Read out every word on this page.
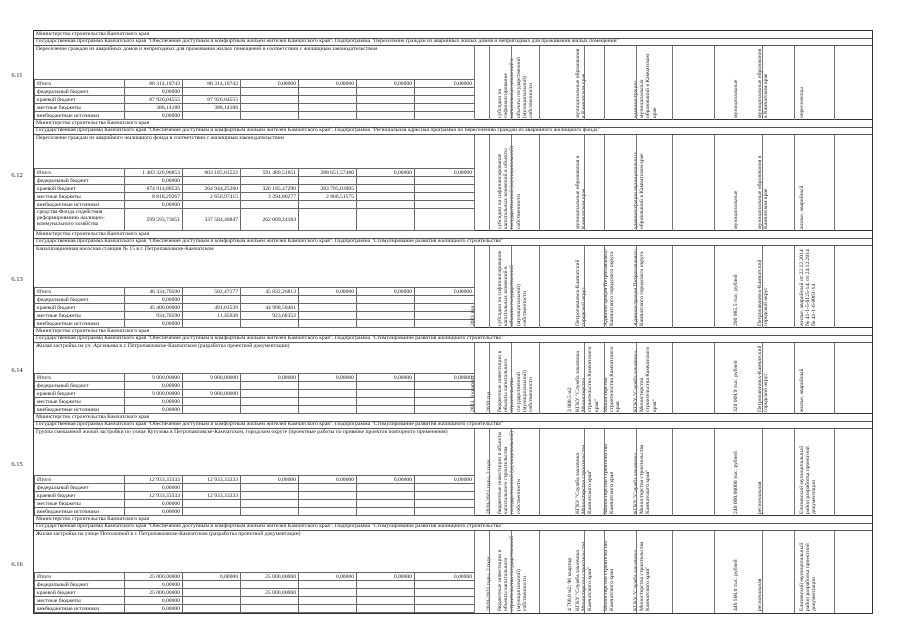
6.11
Министерство строительства Камчатского края
Государственная программа Камчатского края "Обеспечение доступным и комфортным жильем жителей Камчатского края". Подпрограмма "Переселение граждан из аварийных жилых домов и непригодных для проживания жилых помещений"
Переселение граждан из аварийных домов и непригодных для проживания жилых помещений в соответствии с жилищным законодательством
Итого	88 314,18743	88 314,18743	0,00000	0,00000	0,00000	0,00000
федеральный бюджет	0,00000					
краевой бюджет	87 926,04555	87 926,04555				
местные бюджеты	388,14188	388,14188				
внебюджетные источники	0,00000						субсидии на софинансирование капитальных вложений в объекты государственной (муниципальной) собственности	муниципальные образования в Камчатском крае	администрации муниципальных образований в Камчатском крае	муниципальные	муниципальные образования в Камчатском крае	переселенцы
6.12
Министерство строительства Камчатского края
Государственная программа Камчатского края "Обеспечение доступным и комфортным жильем жителей Камчатского края". Подпрограмма "Региональная адресная программа по переселению граждан из аварийного жилищного фонда"
Переселение граждан из аварийного жилищного фонда в соответствии с жилищным законодательством
Итого	1 483 326,90853	603 185,81522	591 489,51851	288 651,57480	0,00000	0,00000
федеральный бюджет	0,00000					
краевой бюджет	874 914,88535	264 944,25260	326 185,47290	283 785,03905		
местные бюджеты	8 818,29267	2 656,97415	3 294,80277	2 866,51575		
внебюджетные источники	0,00000					
средства Фонда содействия реформированию жилищно-коммунального хозяйства	599 593,73051	337 584,48847	262 009,24184				субсидии на софинансирование капитальных вложений в объекты государственной (муниципальной) собственности	муниципальные образования в Камчатском крае	администрации муниципальных образований в Камчатском крае	муниципальные	муниципальные образования в Камчатском крае	жилье, аварийный
6.13
Министерство строительства Камчатского края
Государственная программа Камчатского края "Обеспечение доступным и комфортным жильем жителей Камчатского края". Подпрограмма "Стимулирование развития жилищного строительства"
Канализационная насосная станция № 15 в г. Петропавловске-Камчатском
Итого	46 334,70590	502,47177	45 832,26813	0,00000	0,00000	0,00000
федеральный бюджет	0,00000					
краевой бюджет	45 400,00000	491,01539	44 908,58461			
местные бюджеты	934,70590	11,45638	923,68352			
внебюджетные источники	0,00000						2021 год	субсидии на софинансирование капитальных вложений в объекты государственной (муниципальной) собственности	Петропавловск-Камчатский городской округ	Администрация Петропавловск-Камчатского городского округа	Администрация Петропавловск-Камчатского городского округа	200 985,5 тыс. рублей	Петропавловск-Камчатский городской округ	жилье, аварийный от 22.12.2014 № 41-1-5-0125-14; от 24.12.2014 № 41-1-6-0061-14
6.14
Министерство строительства Камчатского края
Государственная программа Камчатского края "Обеспечение доступным и комфортным жильем жителей Камчатского края". Подпрограмма "Стимулирование развития жилищного строительства"
Жилая застройка на ул. Арсеньева в г. Петропавловске-Камчатском (разработка проектной документации)
Итого	9 000,00000	9 000,00000	0,00000	0,00000	0,00000	0,00000
федеральный бюджет	0,00000					
краевой бюджет	9 000,00000	9 000,00000				
местные бюджеты	0,00000					
внебюджетные источники	0,00000						2023, 3 квартал	2020 год бюджетные инвестиции в объекты капитального строительства государственной (муниципальной) собственности	3 800,5 м2 КГКУ "Служба заказчика Министерства строительства Камчатского края" Министерство строительства Камчатского края	КГКУ "Служба заказчика Министерства строительства Камчатского края"	320 009,9 тыс. рублей	Петропавловск-Камчатский городской округ	жилье, аварийный
6.15
Министерство строительства Камчатского края
Государственная программа Камчатского края "Обеспечение доступным и комфортным жильем жителей Камчатского края". Подпрограмма "Стимулирование развития жилищного строительства"
Группа смешанной жилой застройки по улице Кутузова в Петропавловске-Камчатском, городском округе (проектные работы по привязке проектов повторного применения)
Итого	12 933,33333	12 933,33333	0,00000	0,00000	0,00000	0,00000
федеральный бюджет	0,00000					
краевой бюджет	12 933,33333	12 933,33333				
местные бюджеты	0,00000					
внебюджетные источники	0,00000						2020-2021 годы, 2 года бюджетные инвестиции в объекты капитального строительства государственной (муниципальной) собственности	КГКУ "Служба заказчика Министерства строительства Камчатского края"	Министерство строительства Камчатского края	КГКУ "Служба заказчика Министерства строительства Камчатского края"	240 000,00000 тыс. рублей	региональная	Елизовский муниципальный район разработка проектной документации
6.16
Министерство строительства Камчатского края
Государственная программа Камчатского края "Обеспечение доступным и комфортным жильем жителей Камчатского края". Подпрограмма "Стимулирование развития жилищного строительства"
Жилая застройка на улице Потолочной в г. Петропавловске-Камчатском (разработка проектной документации)
Итого	25 000,00000	0,00000	25 000,00000	0,00000	0,00000	0,00000
федеральный бюджет	0,00000					
краевой бюджет	25 000,00000		25 000,00000			
местные бюджеты	0,00000					
внебюджетные источники	0,00000						2020-2021 годы, 2 года бюджетные инвестиции в объекты капитального строительства государственной (муниципальной) собственности	4 760,8 м2; 96 квартир КГКУ "Служба заказчика Министерства строительства Камчатского края"	Министерство строительства Камчатского края	КГКУ "Служба заказчика Министерства строительства Камчатского края"	446 500,0 тыс. рублей	региональная	Елизовский муниципальный район разработка проектной документации
